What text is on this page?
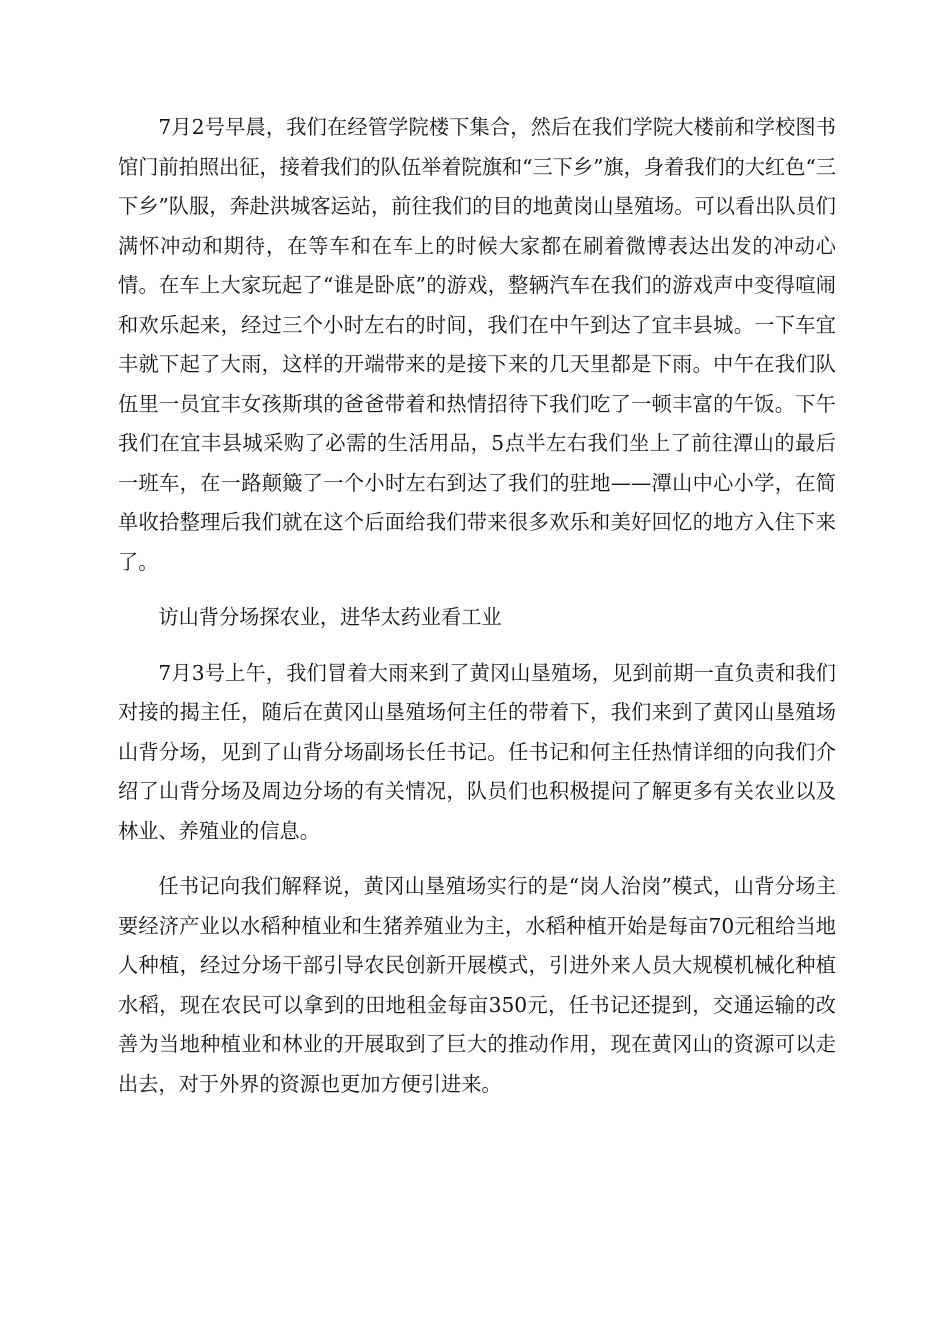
7月2号早晨，我们在经管学院楼下集合，然后在我们学院大楼前和学校图书馆门前拍照出征，接着我们的队伍举着院旗和“三下乡”旗，身着我们的大红色“三下乡”队服，奔赴洪城客运站，前往我们的目的地黄岗山垦殖场。可以看出队员们满怀冲动和期待，在等车和在车上的时候大家都在刷着微博表达出发的冲动心情。在车上大家玩起了“谁是卧底”的游戏，整辆汽车在我们的游戏声中变得喧闹和欢乐起来，经过三个小时左右的时间，我们在中午到达了宜丰县城。一下车宜丰就下起了大雨，这样的开端带来的是接下来的几天里都是下雨。中午在我们队伍里一员宜丰女孩斯琪的爸爸带着和热情招待下我们吃了一顿丰富的午饭。下午我们在宜丰县城采购了必需的生活用品，5点半左右我们坐上了前往潭山的最后一班车，在一路颠簸了一个小时左右到达了我们的驻地——潭山中心小学，在简单收拾整理后我们就在这个后面给我们带来很多欢乐和美好回忆的地方入住下来了。

访山背分场探农业，进华太药业看工业

7月3号上午，我们冒着大雨来到了黄冈山垦殖场，见到前期一直负责和我们对接的揭主任，随后在黄冈山垦殖场何主任的带着下，我们来到了黄冈山垦殖场山背分场，见到了山背分场副场长任书记。任书记和何主任热情详细的向我们介绍了山背分场及周边分场的有关情况，队员们也积极提问了解更多有关农业以及林业、养殖业的信息。

任书记向我们解释说，黄冈山垦殖场实行的是“岗人治岗”模式，山背分场主要经济产业以水稻种植业和生猪养殖业为主，水稻种植开始是每亩70元租给当地人种植，经过分场干部引导农民创新开展模式，引进外来人员大规模机械化种植水稻，现在农民可以拿到的田地租金每亩350元，任书记还提到，交通运输的改善为当地种植业和林业的开展取到了巨大的推动作用，现在黄冈山的资源可以走出去，对于外界的资源也更加方便引进来。
